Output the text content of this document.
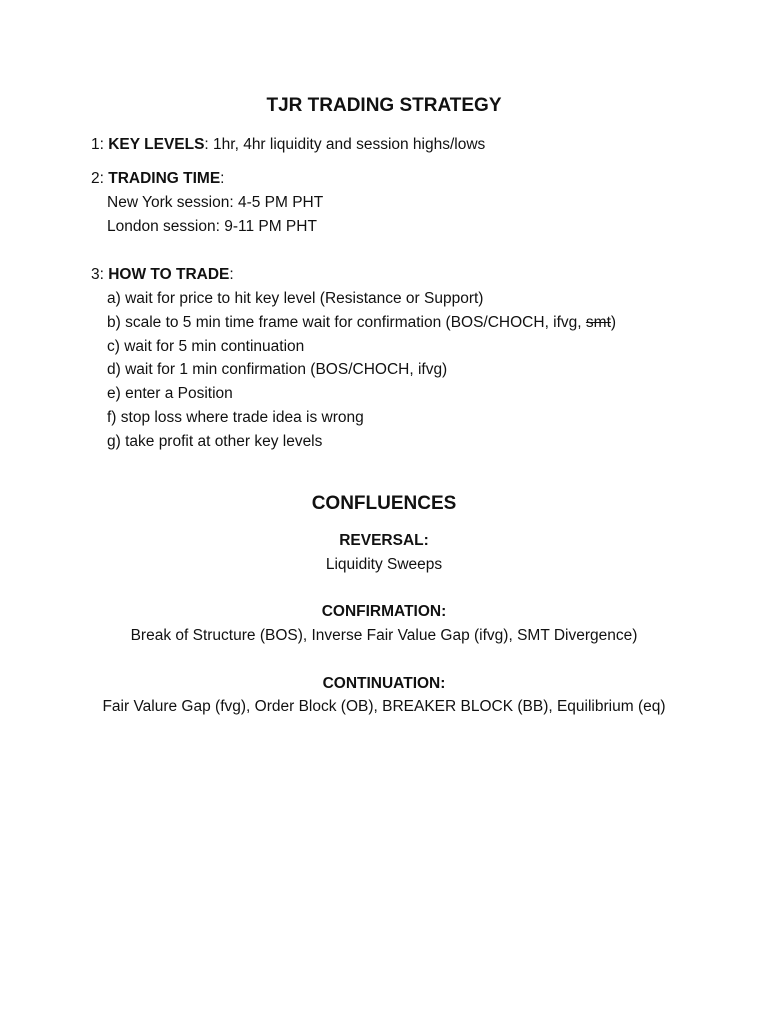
TJR TRADING STRATEGY

1: KEY LEVELS: 1hr, 4hr liquidity and session highs/lows

2: TRADING TIME:

New York session: 4-5 PM PHT

London session: 9-11 PM PHT

3: HOW TO TRADE:

a) wait for price to hit key level (Resistance or Support)

b) scale to 5 min time frame wait for confirmation (BOS/CHOCH, ifvg, smt)

c) wait for 5 min continuation

d) wait for 1 min confirmation (BOS/CHOCH, ifvg)

e) enter a Position

f) stop loss where trade idea is wrong

g) take profit at other key levels

CONFLUENCES

REVERSAL:

Liquidity Sweeps

CONFIRMATION:

Break of Structure (BOS), Inverse Fair Value Gap (ifvg), SMT Divergence)

CONTINUATION:

Fair Valure Gap (fvg), Order Block (OB), BREAKER BLOCK (BB), Equilibrium (eq)
